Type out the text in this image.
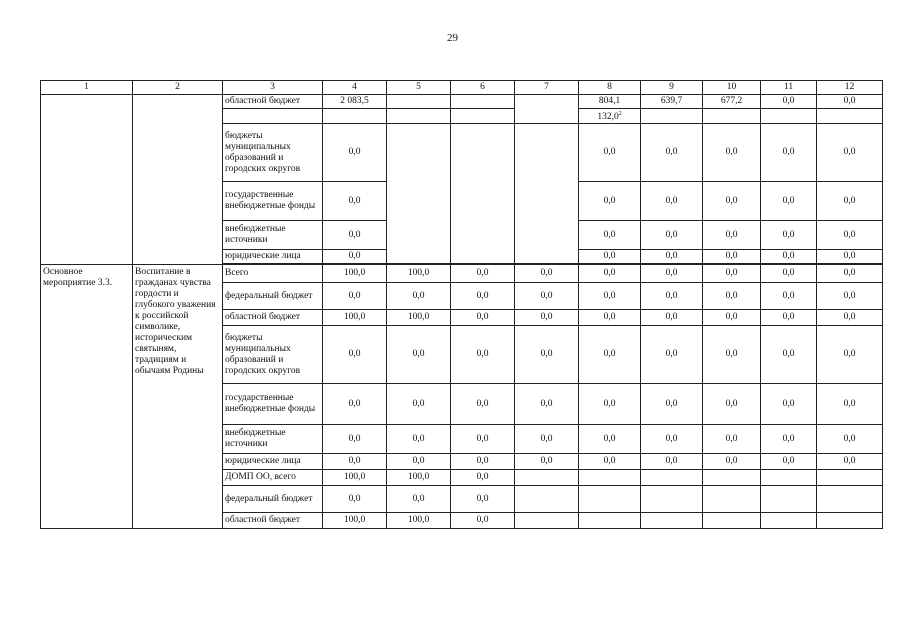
29
1	2	3	4	5	6	7	8	9	10	11	12
		областной бюджет	2 083,5				804,1	639,7	677,2	0,0	0,0
							132,0$^2$				
		бюджеты муниципальных образований и городских округов	0,0				0,0	0,0	0,0	0,0	0,0
		государственные внебюджетные фонды	0,0				0,0	0,0	0,0	0,0	0,0
		внебюджетные источники	0,0				0,0	0,0	0,0	0,0	0,0
		юридические лица	0,0				0,0	0,0	0,0	0,0	0,0

Основное мероприятие 3.3.	Воспитание в гражданах чувства гордости и глубокого уважения к российской символике, историческим святыням, традициям и обычаям Родины	Всего	100,0	100,0	0,0	0,0	0,0	0,0	0,0	0,0	0,0
		федеральный бюджет	0,0	0,0	0,0	0,0	0,0	0,0	0,0	0,0	0,0
		областной бюджет	100,0	100,0	0,0	0,0	0,0	0,0	0,0	0,0	0,0
		бюджеты муниципальных образований и городских округов	0,0	0,0	0,0	0,0	0,0	0,0	0,0	0,0	0,0
		государственные внебюджетные фонды	0,0	0,0	0,0	0,0	0,0	0,0	0,0	0,0	0,0
		внебюджетные источники	0,0	0,0	0,0	0,0	0,0	0,0	0,0	0,0	0,0
		юридические лица	0,0	0,0	0,0	0,0	0,0	0,0	0,0	0,0	0,0
		ДОМП ОО, всего	100,0	100,0	0,0						
		федеральный бюджет	0,0	0,0	0,0						
		областной бюджет	100,0	100,0	0,0						
